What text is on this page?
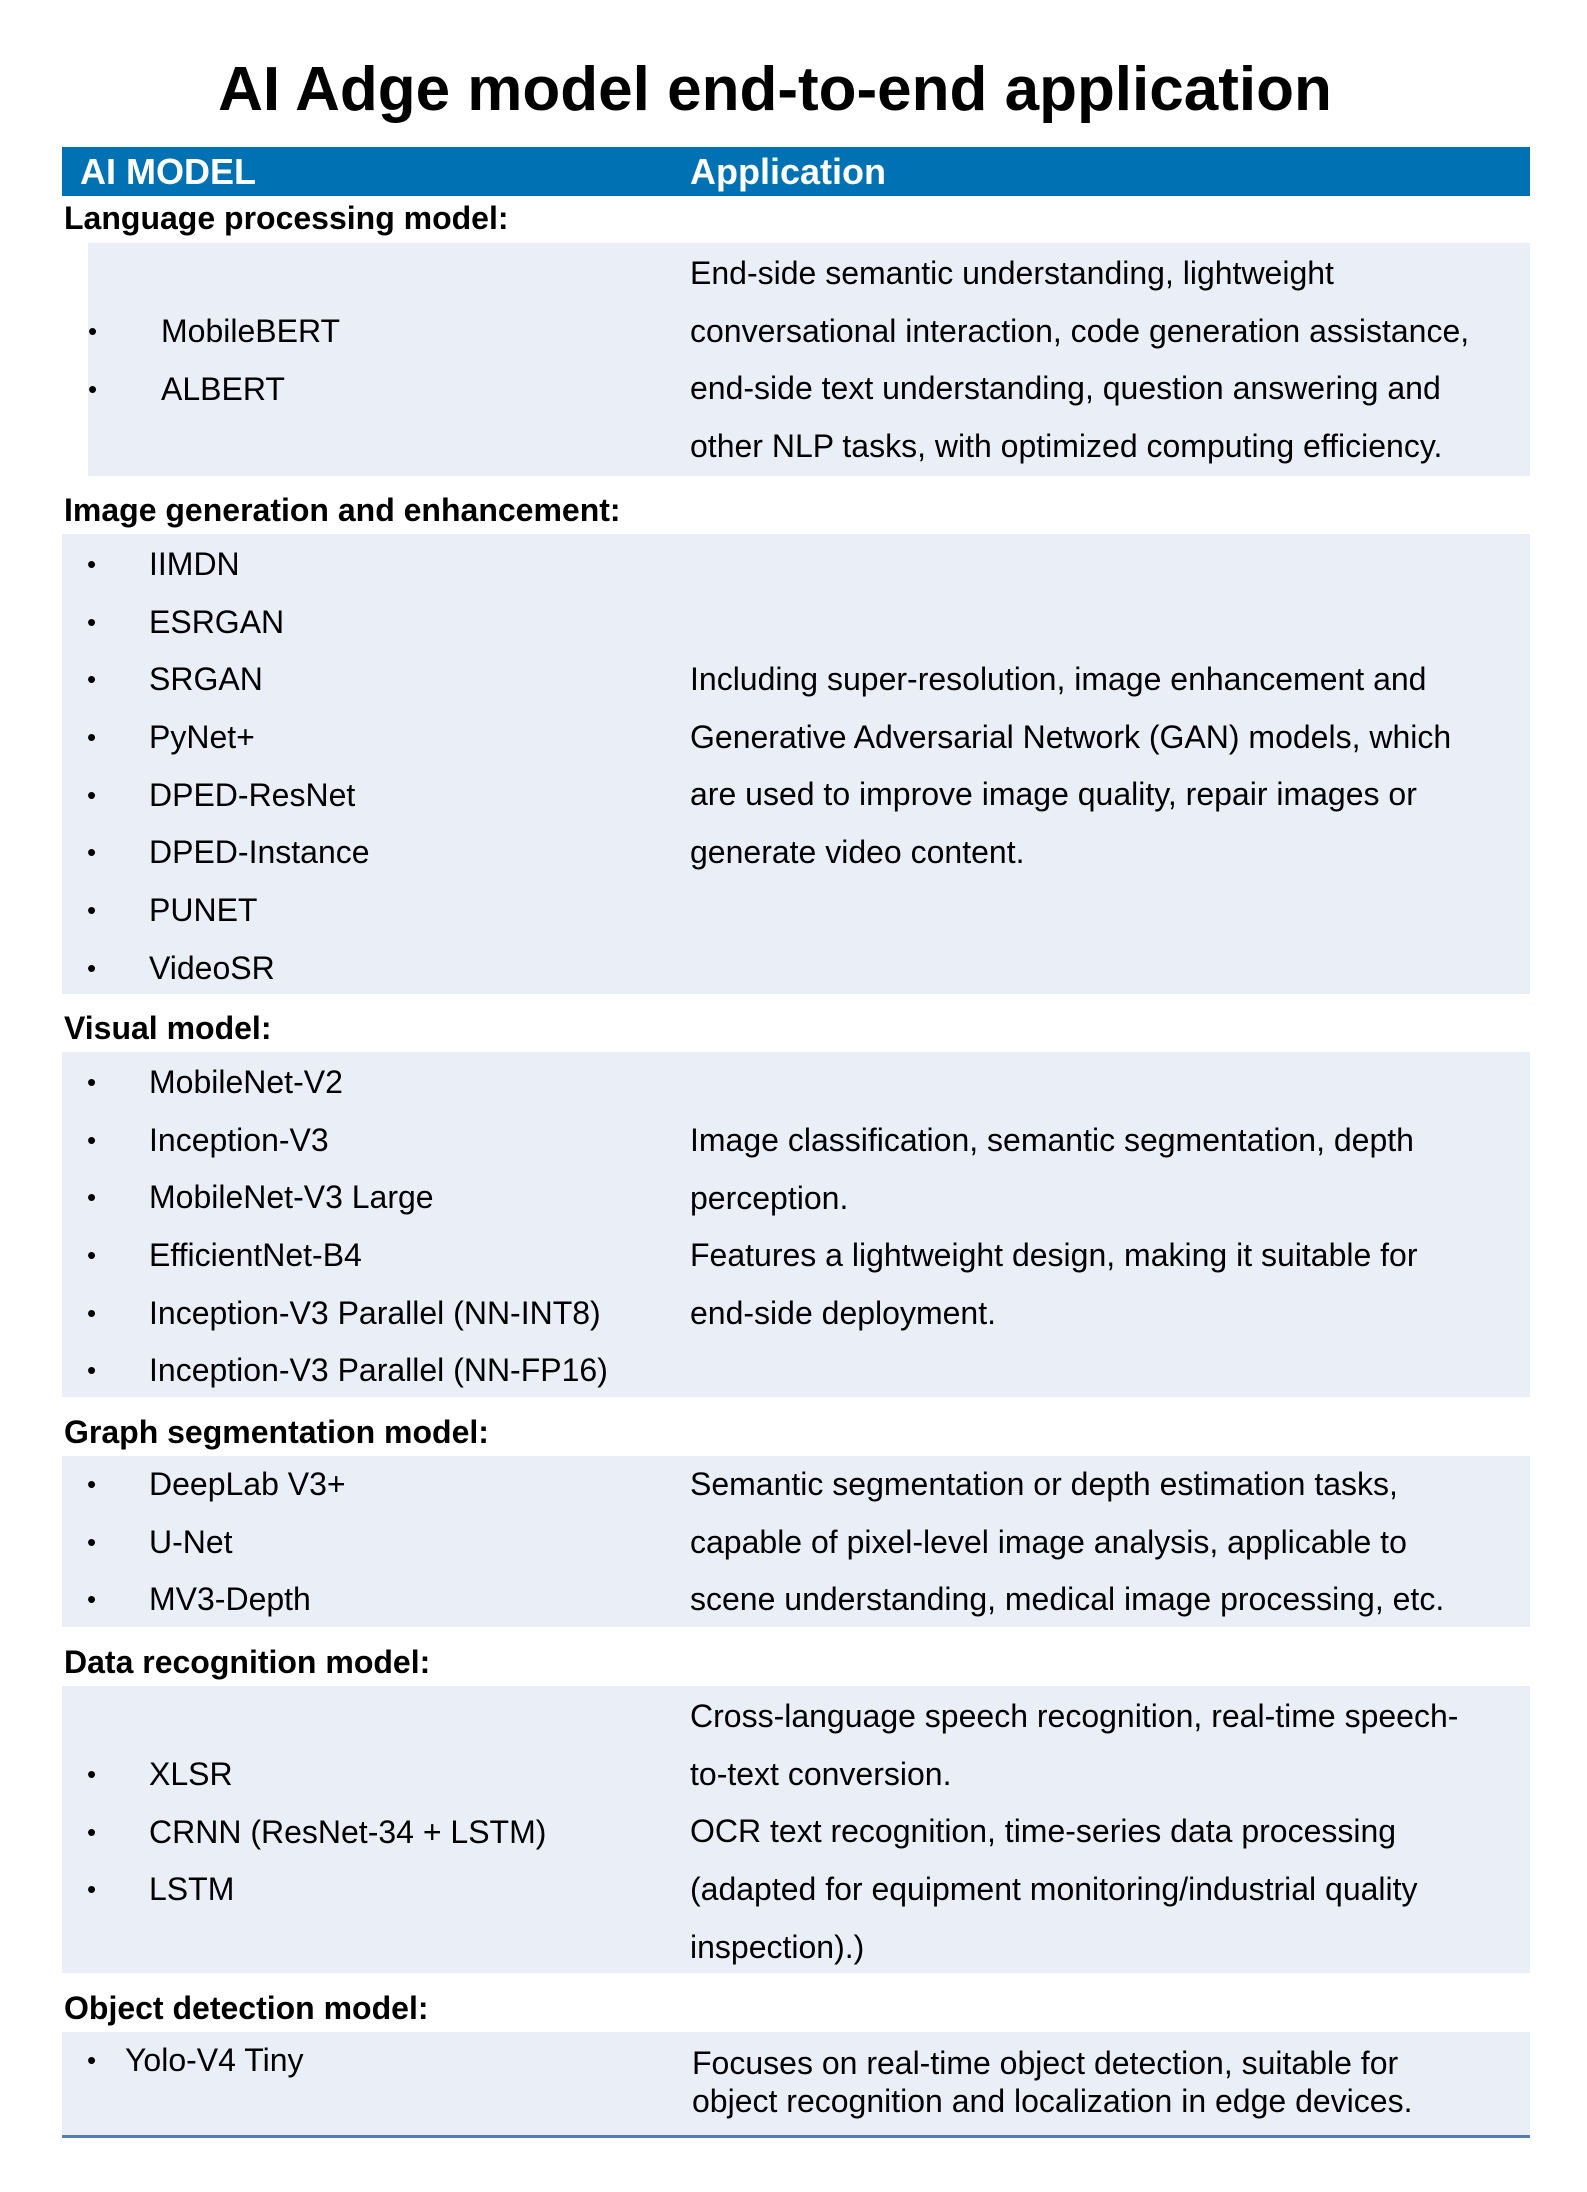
AI Adge model end-to-end application
AI MODEL	Application
Language processing model:
• MobileBERT
• ALBERT

End-side semantic understanding, lightweight

conversational interaction, code generation assistance,

end-side text understanding, question answering and

other NLP tasks, with optimized computing efficiency.

Image generation and enhancement:
• IIMDN
• ESRGAN
• SRGAN
• PyNet+
• DPED-ResNet
• DPED-Instance
• PUNET
• VideoSR

Including super-resolution, image enhancement and

Generative Adversarial Network (GAN) models, which

are used to improve image quality, repair images or

generate video content.

Visual model:
• MobileNet-V2
• Inception-V3
• MobileNet-V3 Large
• EfficientNet-B4
• Inception-V3 Parallel (NN-INT8)
• Inception-V3 Parallel (NN-FP16)

Image classification, semantic segmentation, depth

perception.

Features a lightweight design, making it suitable for

end-side deployment.

Graph segmentation model:
• DeepLab V3+
• U-Net
• MV3-Depth

Semantic segmentation or depth estimation tasks,

capable of pixel-level image analysis, applicable to

scene understanding, medical image processing, etc.

Data recognition model:
• XLSR
• CRNN (ResNet-34 + LSTM)
• LSTM

Cross-language speech recognition, real-time speech-

to-text conversion.

OCR text recognition, time-series data processing

(adapted for equipment monitoring/industrial quality

inspection).)

Object detection model:
• Yolo-V4 Tiny	Focuses on real-time object detection, suitable for

object recognition and localization in edge devices.
